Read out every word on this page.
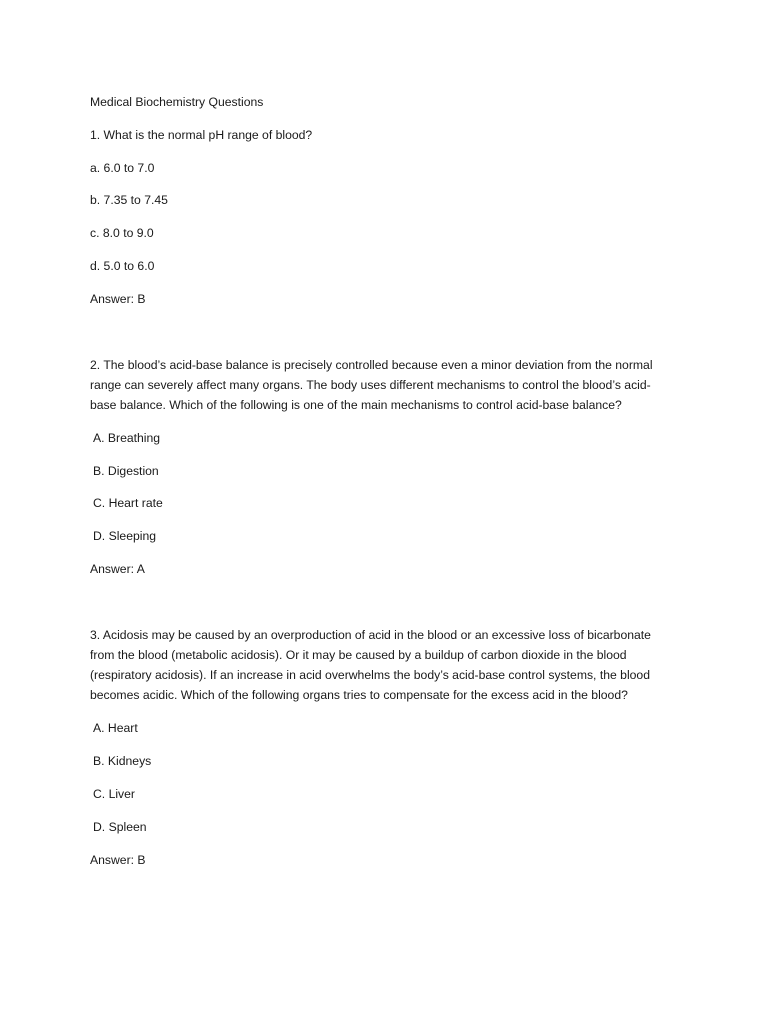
Medical Biochemistry Questions

1. What is the normal pH range of blood?

a. 6.0 to 7.0

b. 7.35 to 7.45

c. 8.0 to 9.0

d. 5.0 to 6.0

Answer: B

2. The blood’s acid-base balance is precisely controlled because even a minor deviation from the normal
range can severely affect many organs. The body uses different mechanisms to control the blood’s acid-
base balance. Which of the following is one of the main mechanisms to control acid-base balance?

A. Breathing

B. Digestion

C. Heart rate

D. Sleeping

Answer: A

3. Acidosis may be caused by an overproduction of acid in the blood or an excessive loss of bicarbonate
from the blood (metabolic acidosis). Or it may be caused by a buildup of carbon dioxide in the blood
(respiratory acidosis). If an increase in acid overwhelms the body’s acid-base control systems, the blood
becomes acidic. Which of the following organs tries to compensate for the excess acid in the blood?

A. Heart

B. Kidneys

C. Liver

D. Spleen

Answer: B
